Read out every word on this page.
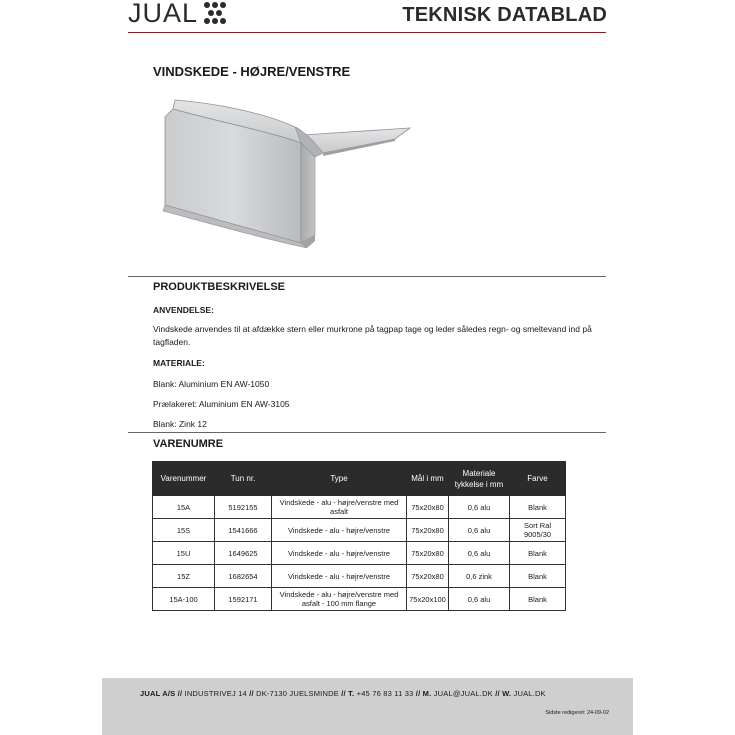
JUAL	TEKNISK DATABLAD
VINDSKEDE - HØJRE/VENSTRE
PRODUKTBESKRIVELSE
ANVENDELSE:
Vindskede anvendes til at afdække stern eller murkrone på tagpap tage og leder således regn- og smeltevand ind på tagfladen.
MATERIALE:
Blank: Aluminium EN AW-1050
Prælakeret: Aluminium EN AW-3105
Blank: Zink 12
VARENUMRE
Varenummer	Tun nr.	Type	Mål i mm	Materiale tykkelse i mm	Farve
15A	5192155	Vindskede - alu - højre/venstre med asfalt	75x20x80	0,6 alu	Blank
15S	1541666	Vindskede - alu - højre/venstre	75x20x80	0,6 alu	Sort Ral 9005/30
15U	1649625	Vindskede - alu - højre/venstre	75x20x80	0,6 alu	Blank
15Z	1682654	Vindskede - alu - højre/venstre	75x20x80	0,6 zink	Blank
15A-100	1592171	Vindskede - alu - højre/venstre med asfalt - 100 mm flange	75x20x100	0,6 alu	Blank
JUAL A/S // INDUSTRIVEJ 14 // DK-7130 JUELSMINDE // T. +45 76 83 11 33 // M. JUAL@JUAL.DK // W. JUAL.DK
Sidste redigeret: 24-09-02
